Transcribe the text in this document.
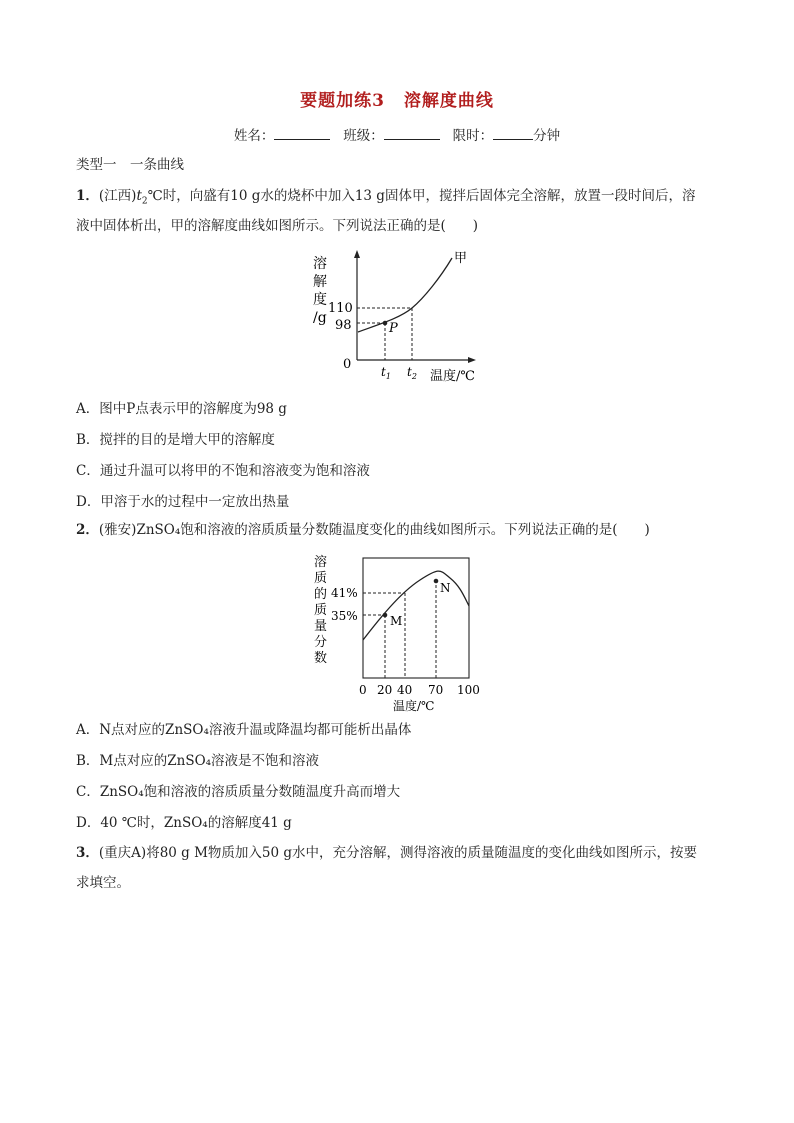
要题加练3 溶解度曲线
姓名：	班级：	限时：	分钟
类型一　一条曲线
1．(江西)$t_2℃$时，向盛有10 g水的烧杯中加入13 g固体甲，搅拌后固体完全溶解，放置一段时间后，溶
液中固体析出，甲的溶解度曲线如图所示。下列说法正确的是(　　)
溶
解
度
/g
0
110
98	P
甲
$t_1$ $t_2$ 温度/℃
A．图中P点表示甲的溶解度为98 g
B．搅拌的目的是增大甲的溶解度
C．通过升温可以将甲的不饱和溶液变为饱和溶液
D．甲溶于水的过程中一定放出热量
2．(雅安)ZnSO₄饱和溶液的溶质质量分数随温度变化的曲线如图所示。下列说法正确的是(　　)
溶
质
的
质
量
分
数
41%
35%	M
N
0 20 40 70 100
温度/℃
A．N点对应的ZnSO₄溶液升温或降温均都可能析出晶体
B．M点对应的ZnSO₄溶液是不饱和溶液
C．ZnSO₄饱和溶液的溶质质量分数随温度升高而增大
D．40 ℃时，ZnSO₄的溶解度41 g
3．(重庆A)将80 g M物质加入50 g水中，充分溶解，测得溶液的质量随温度的变化曲线如图所示，按要
求填空。
